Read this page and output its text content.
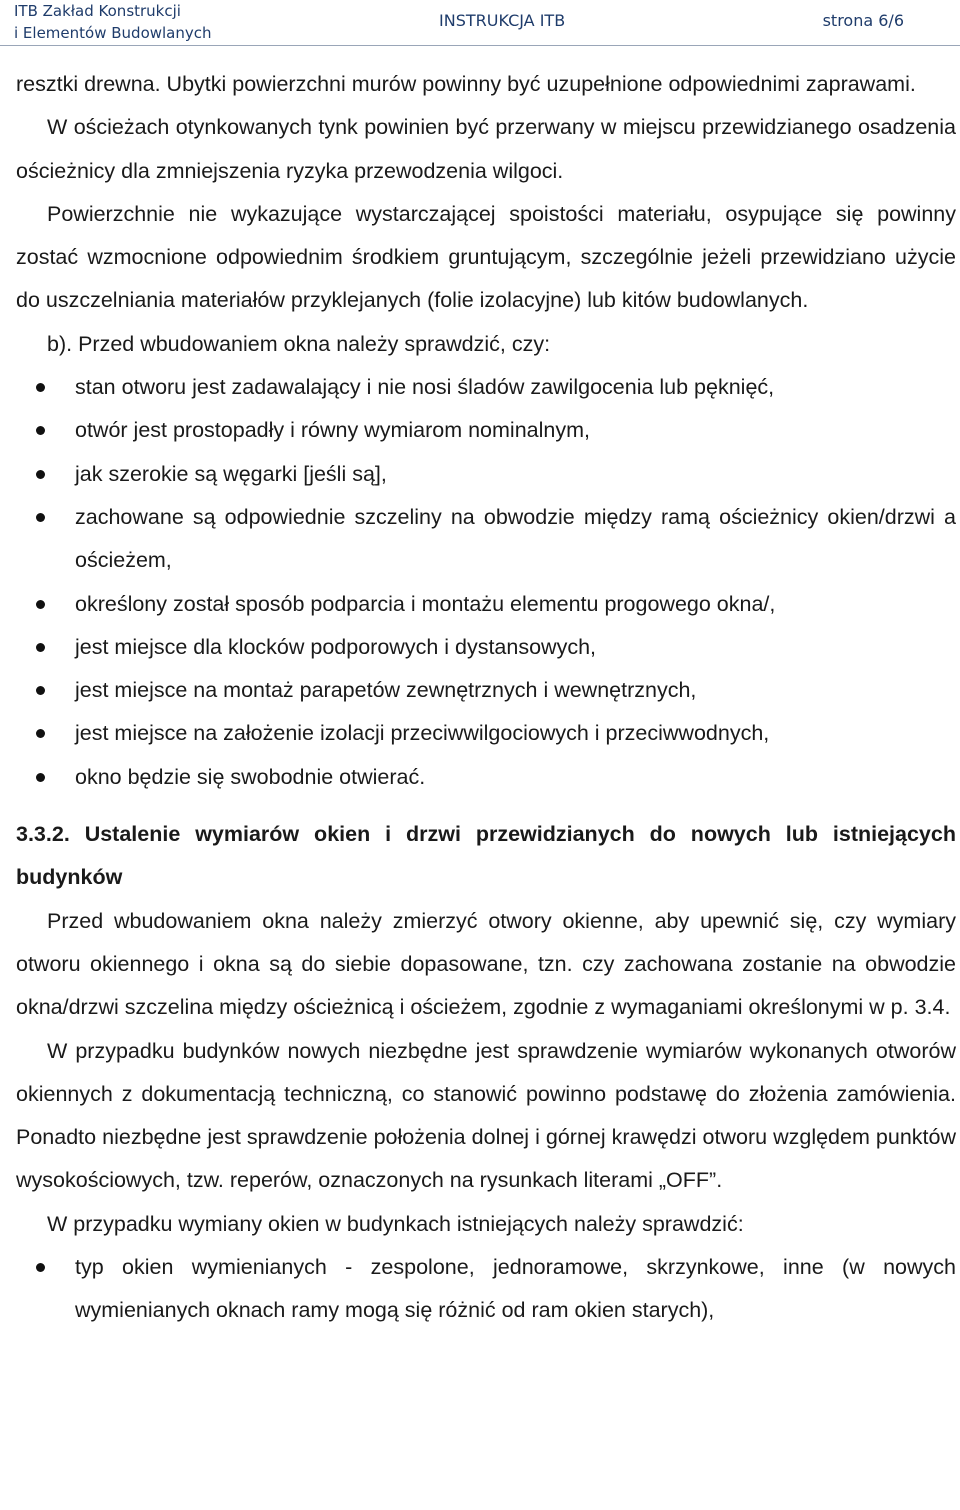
ITB Zakład Konstrukcji
i Elementów Budowlanych
INSTRUKCJA ITB	strona 6/6

resztki drewna. Ubytki powierzchni murów powinny być uzupełnione odpowiednimi zaprawami.

W ościeżach otynkowanych tynk powinien być przerwany w miejscu przewidzianego osadzenia ościeżnicy dla zmniejszenia ryzyka przewodzenia wilgoci.

Powierzchnie nie wykazujące wystarczającej spoistości materiału, osypujące się powinny zostać wzmocnione odpowiednim środkiem gruntującym, szczególnie jeżeli przewidziano użycie do uszczelniania materiałów przyklejanych (folie izolacyjne) lub kitów budowlanych.

b). Przed wbudowaniem okna należy sprawdzić, czy:

stan otworu jest zadawalający i nie nosi śladów zawilgocenia lub pęknięć,
otwór jest prostopadły i równy wymiarom nominalnym,
jak szerokie są węgarki [jeśli są],
zachowane są odpowiednie szczeliny na obwodzie między ramą ościeżnicy okien/drzwi a ościeżem,
określony został sposób podparcia i montażu elementu progowego okna/,
jest miejsce dla klocków podporowych i dystansowych,
jest miejsce na montaż parapetów zewnętrznych i wewnętrznych,
jest miejsce na założenie izolacji przeciwwilgociowych i przeciwwodnych,
okno będzie się swobodnie otwierać.

3.3.2. Ustalenie wymiarów okien i drzwi przewidzianych do nowych lub istniejących budynków

Przed wbudowaniem okna należy zmierzyć otwory okienne, aby upewnić się, czy wymiary otworu okiennego i okna są do siebie dopasowane, tzn. czy zachowana zostanie na obwodzie okna/drzwi szczelina między ościeżnicą i ościeżem, zgodnie z wymaganiami określonymi w p. 3.4.

W przypadku budynków nowych niezbędne jest sprawdzenie wymiarów wykonanych otworów okiennych z dokumentacją techniczną, co stanowić powinno podstawę do złożenia zamówienia. Ponadto niezbędne jest sprawdzenie położenia dolnej i górnej krawędzi otworu względem punktów wysokościowych, tzw. reperów, oznaczonych na rysunkach literami „OFF”.

W przypadku wymiany okien w budynkach istniejących należy sprawdzić:

typ okien wymienianych - zespolone, jednoramowe, skrzynkowe, inne (w nowych wymienianych oknach ramy mogą się różnić od ram okien starych),
